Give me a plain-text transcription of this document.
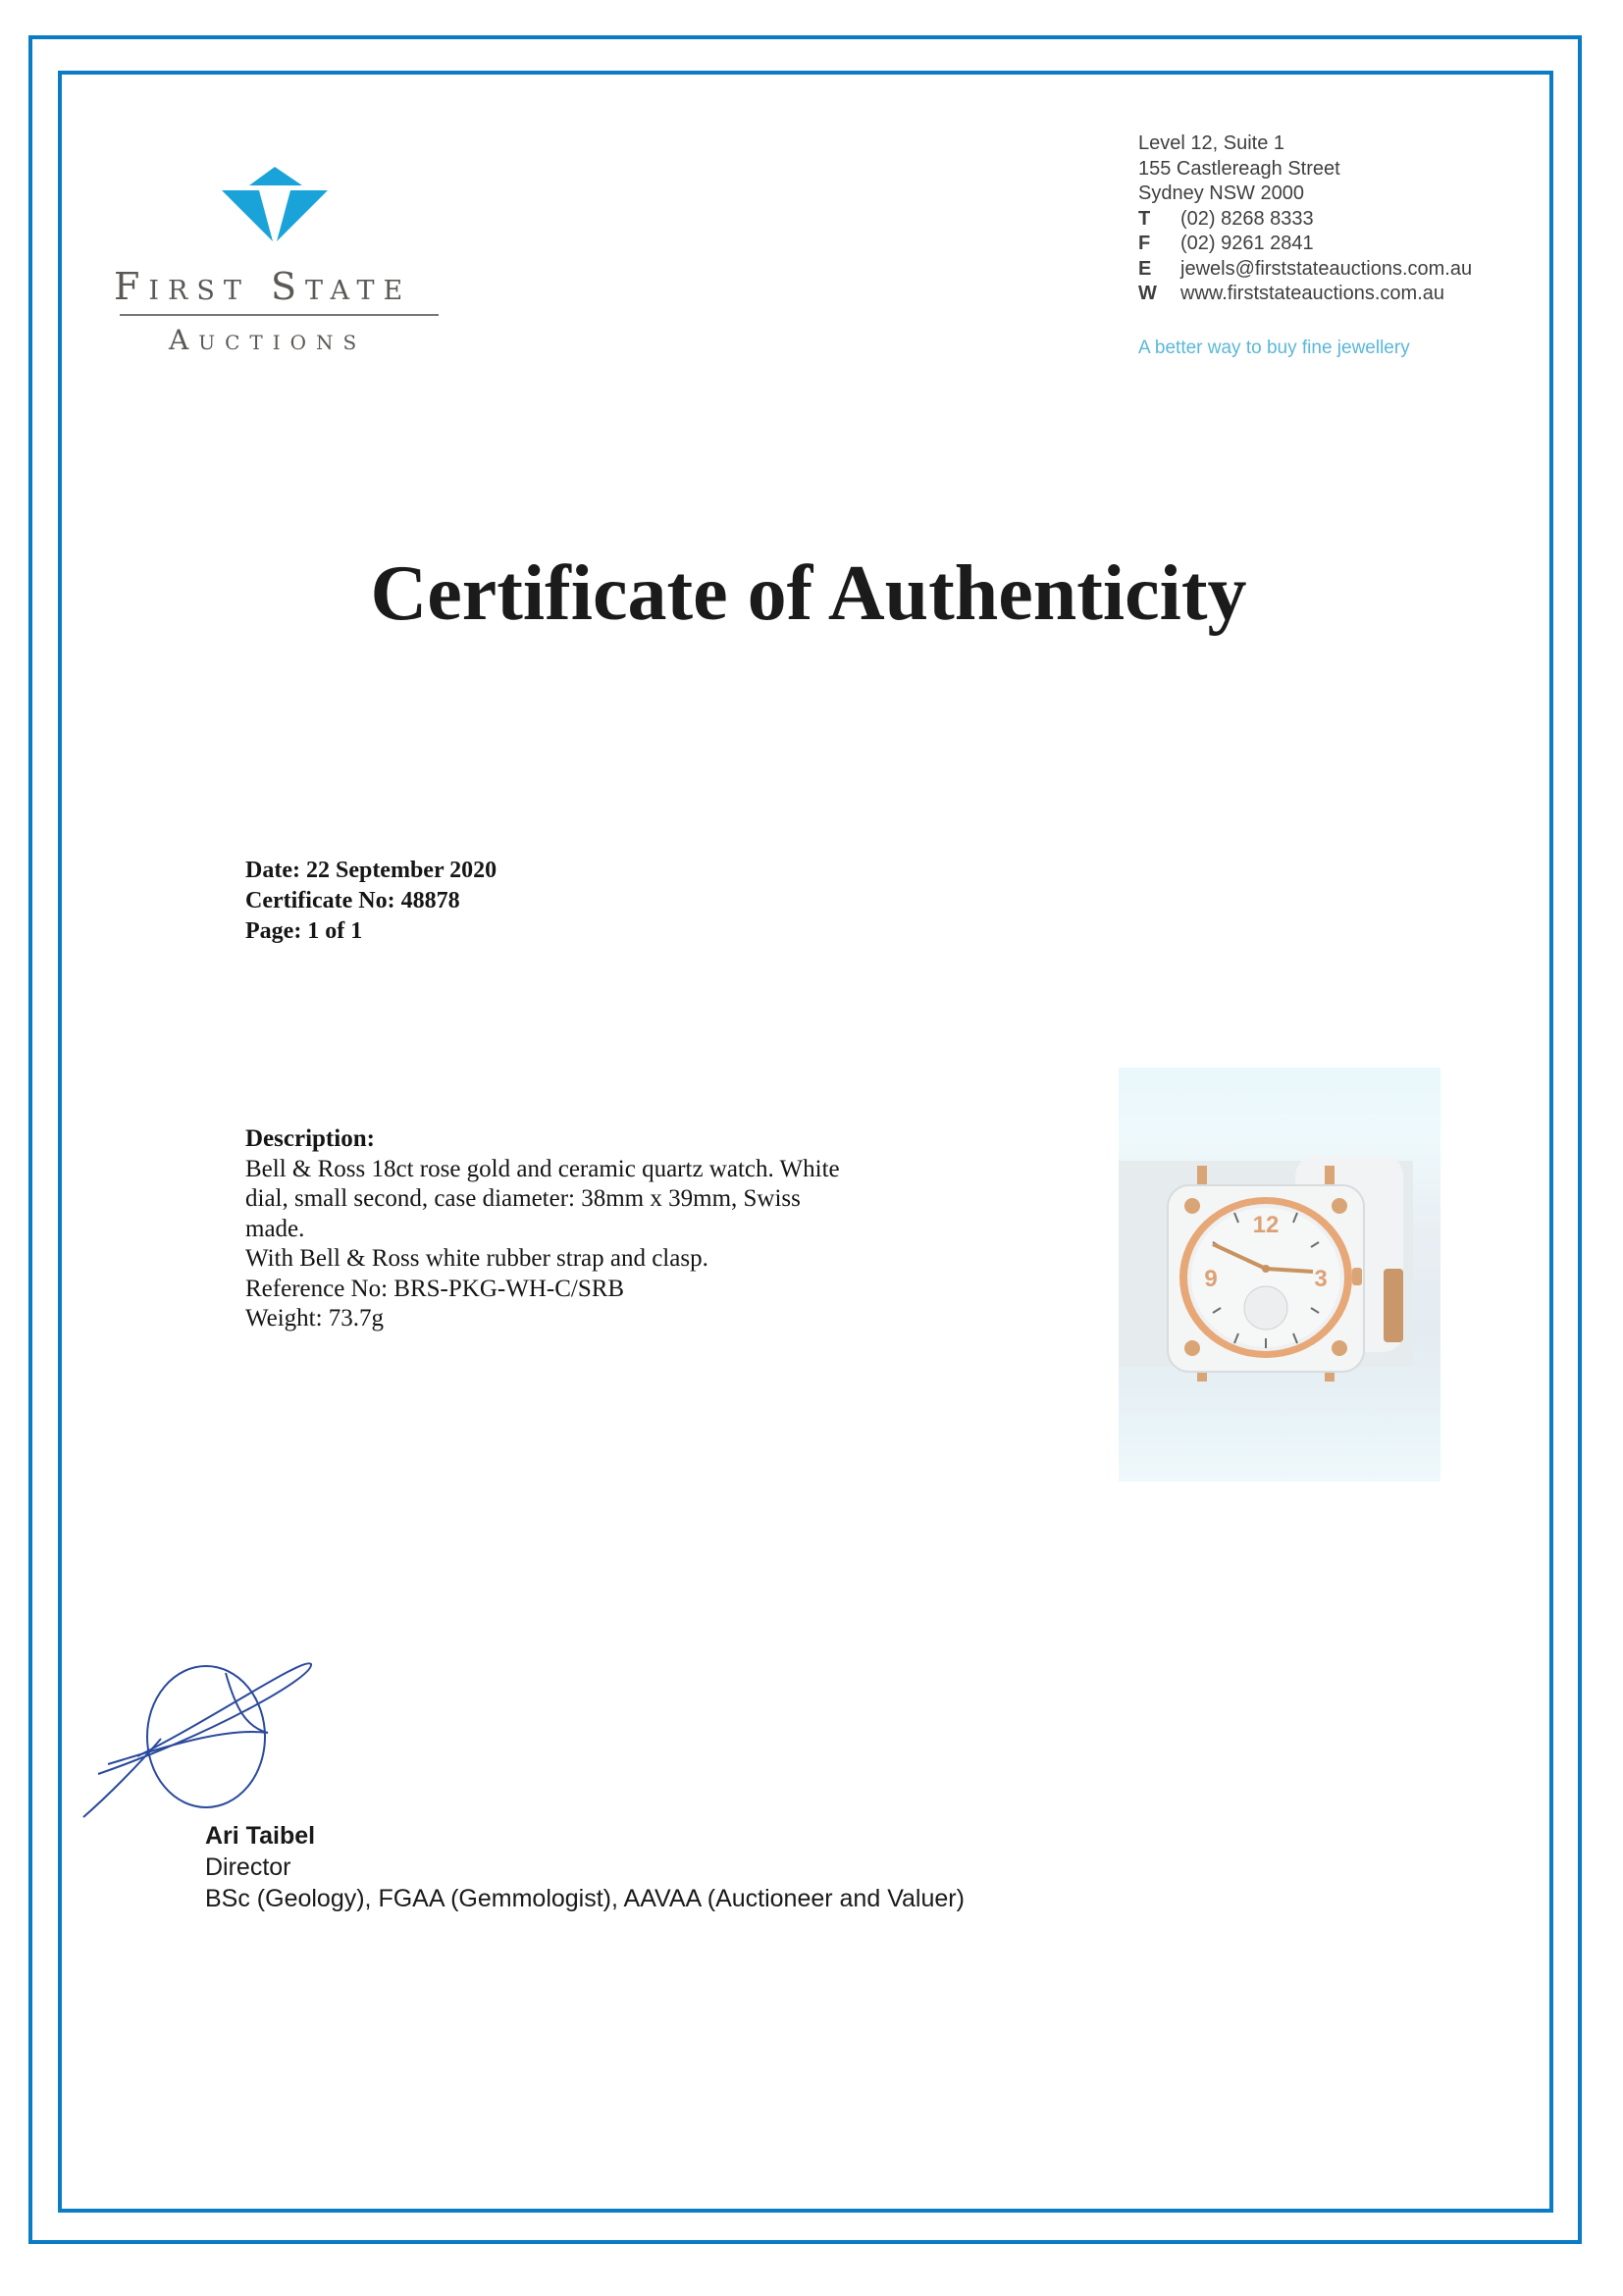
First State
Auctions
Level 12, Suite 1
155 Castlereagh Street
Sydney NSW 2000
T (02) 8268 8333
F (02) 9261 2841
E jewels@firststateauctions.com.au
W www.firststateauctions.com.au
A better way to buy fine jewellery
Certificate of Authenticity
Date: 22 September 2020
Certificate No: 48878
Page: 1 of 1
Description:
Bell & Ross 18ct rose gold and ceramic quartz watch. White
dial, small second, case diameter: 38mm x 39mm, Swiss
made.
With Bell & Ross white rubber strap and clasp.
Reference No: BRS-PKG-WH-C/SRB
Weight: 73.7g
12
9	3
Ari Taibel
Director
BSc (Geology), FGAA (Gemmologist), AAVAA (Auctioneer and Valuer)
